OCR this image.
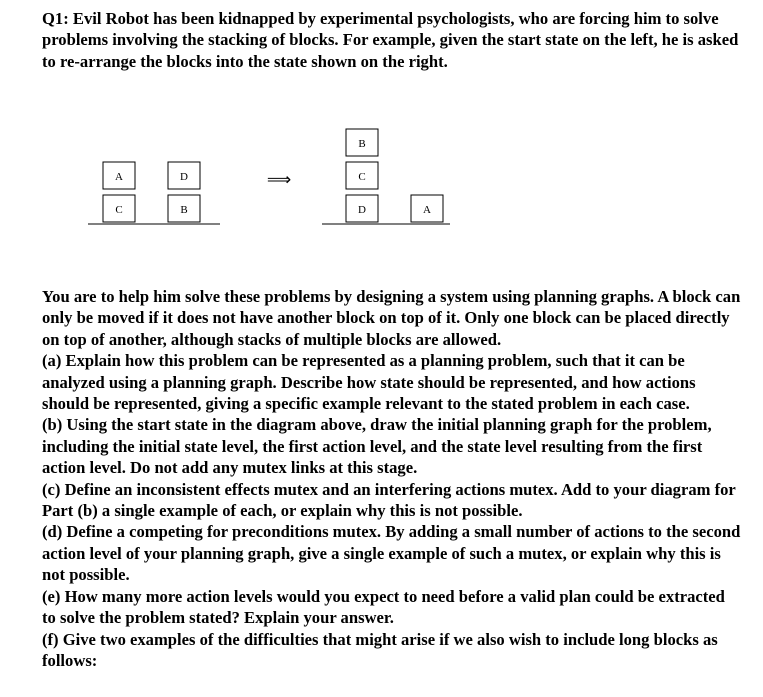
Q1: Evil Robot has been kidnapped by experimental psychologists, who are forcing him to solve problems involving the stacking of blocks. For example, given the start state on the left, he is asked to re-arrange the blocks into the state shown on the right.

A
C
D
B
⟹
B
C
D	A
You are to help him solve these problems by designing a system using planning graphs. A block can only be moved if it does not have another block on top of it. Only one block can be placed directly on top of another, although stacks of multiple blocks are allowed.
(a) Explain how this problem can be represented as a planning problem, such that it can be analyzed using a planning graph. Describe how state should be represented, and how actions should be represented, giving a specific example relevant to the stated problem in each case.
(b) Using the start state in the diagram above, draw the initial planning graph for the problem, including the initial state level, the first action level, and the state level resulting from the first action level. Do not add any mutex links at this stage.
(c) Define an inconsistent effects mutex and an interfering actions mutex. Add to your diagram for Part (b) a single example of each, or explain why this is not possible.
(d) Define a competing for preconditions mutex. By adding a small number of actions to the second action level of your planning graph, give a single example of such a mutex, or explain why this is not possible.
(e) How many more action levels would you expect to need before a valid plan could be extracted to solve the problem stated? Explain your answer.
(f) Give two examples of the difficulties that might arise if we also wish to include long blocks as follows:
